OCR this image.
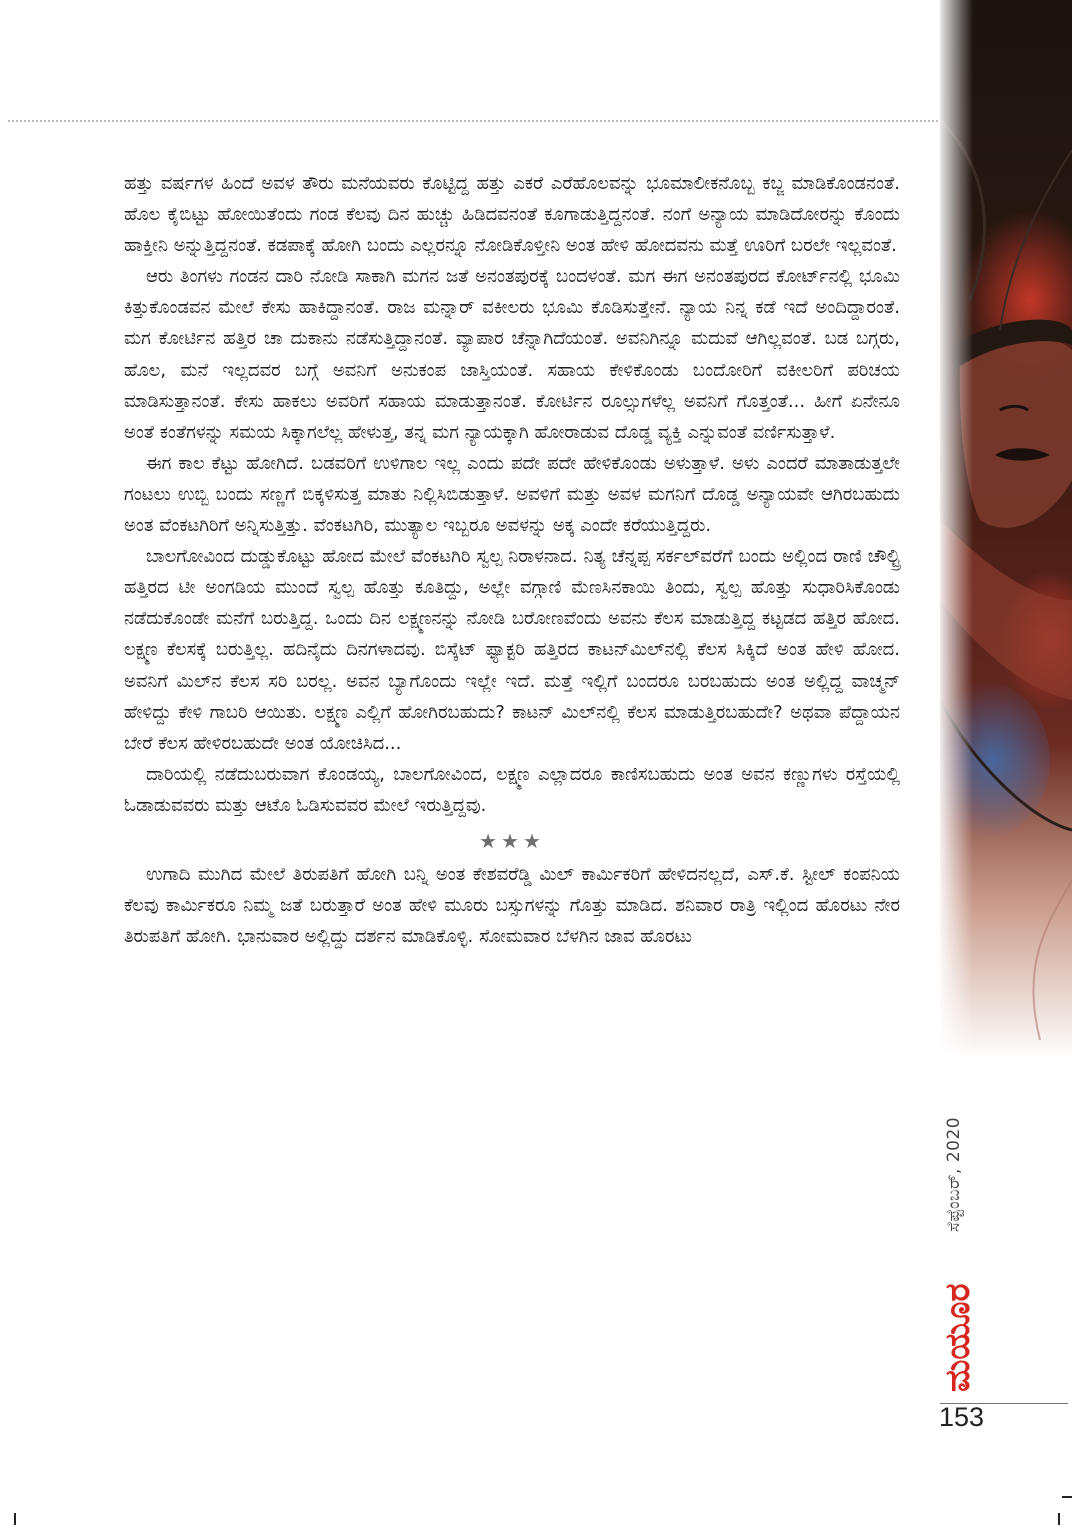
ಹತ್ತು ವರ್ಷಗಳ ಹಿಂದೆ ಅವಳ ತೌರು ಮನೆಯವರು ಕೊಟ್ಟಿದ್ದ ಹತ್ತು ಎಕರೆ ಎರೆಹೊಲವನ್ನು ಭೂಮಾಲೀಕನೊಬ್ಬ ಕಬ್ಜ ಮಾಡಿಕೊಂಡನಂತೆ. ಹೊಲ ಕೈಬಿಟ್ಟು ಹೋಯಿತೆಂದು ಗಂಡ ಕೆಲವು ದಿನ ಹುಚ್ಚು ಹಿಡಿದವನಂತೆ ಕೂಗಾಡುತ್ತಿದ್ದನಂತೆ. ನಂಗೆ ಅನ್ಯಾಯ ಮಾಡಿದೋರನ್ನು ಕೊಂದು ಹಾಕ್ತೀನಿ ಅನ್ನುತ್ತಿದ್ದನಂತೆ. ಕಡಪಾಕ್ಕೆ ಹೋಗಿ ಬಂದು ಎಲ್ಲರನ್ನೂ ನೋಡಿಕೊಳ್ತೀನಿ ಅಂತ ಹೇಳಿ ಹೋದವನು ಮತ್ತೆ ಊರಿಗೆ ಬರಲೇ ಇಲ್ಲವಂತೆ.

ಆರು ತಿಂಗಳು ಗಂಡನ ದಾರಿ ನೋಡಿ ಸಾಕಾಗಿ ಮಗನ ಜತೆ ಅನಂತಪುರಕ್ಕೆ ಬಂದಳಂತೆ. ಮಗ ಈಗ ಅನಂತಪುರದ ಕೋರ್ಟ್‌ನಲ್ಲಿ ಭೂಮಿ ಕಿತ್ತುಕೊಂಡವನ ಮೇಲೆ ಕೇಸು ಹಾಕಿದ್ದಾನಂತೆ. ರಾಜ ಮನ್ನಾರ್ ವಕೀಲರು ಭೂಮಿ ಕೊಡಿಸುತ್ತೇನೆ. ನ್ಯಾಯ ನಿನ್ನ ಕಡೆ ಇದೆ ಅಂದಿದ್ದಾರಂತೆ. ಮಗ ಕೋರ್ಟಿನ ಹತ್ತಿರ ಚಾ ದುಕಾನು ನಡೆಸುತ್ತಿದ್ದಾನಂತೆ. ವ್ಯಾಪಾರ ಚೆನ್ನಾಗಿದೆಯಂತೆ. ಅವನಿಗಿನ್ನೂ ಮದುವೆ ಆಗಿಲ್ಲವಂತೆ. ಬಡ ಬಗ್ಗರು, ಹೊಲ, ಮನೆ ಇಲ್ಲದವರ ಬಗ್ಗೆ ಅವನಿಗೆ ಅನುಕಂಪ ಜಾಸ್ತಿಯಂತೆ. ಸಹಾಯ ಕೇಳಿಕೊಂಡು ಬಂದೋರಿಗೆ ವಕೀಲರಿಗೆ ಪರಿಚಯ ಮಾಡಿಸುತ್ತಾನಂತೆ. ಕೇಸು ಹಾಕಲು ಅವರಿಗೆ ಸಹಾಯ ಮಾಡುತ್ತಾನಂತೆ. ಕೋರ್ಟಿನ ರೂಲ್ಸುಗಳೆಲ್ಲ ಅವನಿಗೆ ಗೊತ್ತಂತೆ... ಹೀಗೆ ಏನೇನೂ ಅಂತೆ ಕಂತೆಗಳನ್ನು ಸಮಯ ಸಿಕ್ಕಾಗಲೆಲ್ಲ ಹೇಳುತ್ತ, ತನ್ನ ಮಗ ನ್ಯಾಯಕ್ಕಾಗಿ ಹೋರಾಡುವ ದೊಡ್ಡ ವ್ಯಕ್ತಿ ಎನ್ನುವಂತೆ ವರ್ಣಿಸುತ್ತಾಳೆ.

ಈಗ ಕಾಲ ಕೆಟ್ಟು ಹೋಗಿದೆ. ಬಡವರಿಗೆ ಉಳಿಗಾಲ ಇಲ್ಲ ಎಂದು ಪದೇ ಪದೇ ಹೇಳಿಕೊಂಡು ಅಳುತ್ತಾಳೆ. ಅಳು ಎಂದರೆ ಮಾತಾಡುತ್ತಲೇ ಗಂಟಲು ಉಬ್ಬಿ ಬಂದು ಸಣ್ಣಗೆ ಬಿಕ್ಕಳಿಸುತ್ತ ಮಾತು ನಿಲ್ಲಿಸಿಬಿಡುತ್ತಾಳೆ. ಅವಳಿಗೆ ಮತ್ತು ಅವಳ ಮಗನಿಗೆ ದೊಡ್ಡ ಅನ್ಯಾಯವೇ ಆಗಿರಬಹುದು ಅಂತ ವೆಂಕಟಗಿರಿಗೆ ಅನ್ನಿಸುತ್ತಿತ್ತು. ವೆಂಕಟಗಿರಿ, ಮುತ್ಯಾಲ ಇಬ್ಬರೂ ಅವಳನ್ನು ಅಕ್ಕ ಎಂದೇ ಕರೆಯುತ್ತಿದ್ದರು.

ಬಾಲಗೋವಿಂದ ದುಡ್ಡುಕೊಟ್ಟು ಹೋದ ಮೇಲೆ ವೆಂಕಟಗಿರಿ ಸ್ವಲ್ಪ ನಿರಾಳನಾದ. ನಿತ್ಯ ಚೆನ್ನಪ್ಪ ಸರ್ಕಲ್‌ವರೆಗೆ ಬಂದು ಅಲ್ಲಿಂದ ರಾಣಿ ಚೌಲ್ಟ್ರಿ ಹತ್ತಿರದ ಟೀ ಅಂಗಡಿಯ ಮುಂದೆ ಸ್ವಲ್ಪ ಹೊತ್ತು ಕೂತಿದ್ದು, ಅಲ್ಲೇ ವಗ್ಗಾಣಿ ಮೆಣಸಿನಕಾಯಿ ತಿಂದು, ಸ್ವಲ್ಪ ಹೊತ್ತು ಸುಧಾರಿಸಿಕೊಂಡು ನಡೆದುಕೊಂಡೇ ಮನೆಗೆ ಬರುತ್ತಿದ್ದ. ಒಂದು ದಿನ ಲಕ್ಷ್ಮಣನನ್ನು ನೋಡಿ ಬರೋಣವೆಂದು ಅವನು ಕೆಲಸ ಮಾಡುತ್ತಿದ್ದ ಕಟ್ಟಡದ ಹತ್ತಿರ ಹೋದ. ಲಕ್ಷ್ಮಣ ಕೆಲಸಕ್ಕೆ ಬರುತ್ತಿಲ್ಲ. ಹದಿನೈದು ದಿನಗಳಾದವು. ಬಿಸ್ಕೆಟ್ ಫ್ಯಾಕ್ಟರಿ ಹತ್ತಿರದ ಕಾಟನ್‌ಮಿಲ್‌ನಲ್ಲಿ ಕೆಲಸ ಸಿಕ್ಕಿದೆ ಅಂತ ಹೇಳಿ ಹೋದ. ಅವನಿಗೆ ಮಿಲ್‌ನ ಕೆಲಸ ಸರಿ ಬರಲ್ಲ. ಅವನ ಬ್ಯಾಗೊಂದು ಇಲ್ಲೇ ಇದೆ. ಮತ್ತೆ ಇಲ್ಲಿಗೆ ಬಂದರೂ ಬರಬಹುದು ಅಂತ ಅಲ್ಲಿದ್ದ ವಾಚ್ಮನ್ ಹೇಳಿದ್ದು ಕೇಳಿ ಗಾಬರಿ ಆಯಿತು. ಲಕ್ಷ್ಮಣ ಎಲ್ಲಿಗೆ ಹೋಗಿರಬಹುದು? ಕಾಟನ್ ಮಿಲ್‌ನಲ್ಲಿ ಕೆಲಸ ಮಾಡುತ್ತಿರಬಹುದೇ? ಅಥವಾ ಪೆದ್ದಾಯನ ಬೇರೆ ಕೆಲಸ ಹೇಳಿರಬಹುದೇ ಅಂತ ಯೋಚಿಸಿದ...

ದಾರಿಯಲ್ಲಿ ನಡೆದುಬರುವಾಗ ಕೊಂಡಯ್ಯ, ಬಾಲಗೋವಿಂದ, ಲಕ್ಷ್ಮಣ ಎಲ್ಲಾದರೂ ಕಾಣಿಸಬಹುದು ಅಂತ ಅವನ ಕಣ್ಣುಗಳು ರಸ್ತೆಯಲ್ಲಿ ಓಡಾಡುವವರು ಮತ್ತು ಆಟೊ ಓಡಿಸುವವರ ಮೇಲೆ ಇರುತ್ತಿದ್ದವು.

★★★

ಉಗಾದಿ ಮುಗಿದ ಮೇಲೆ ತಿರುಪತಿಗೆ ಹೋಗಿ ಬನ್ನಿ ಅಂತ ಕೇಶವರೆಡ್ಡಿ ಮಿಲ್ ಕಾರ್ಮಿಕರಿಗೆ ಹೇಳಿದನಲ್ಲದೆ, ಎಸ್.ಕೆ. ಸ್ಟೀಲ್ ಕಂಪನಿಯ ಕೆಲವು ಕಾರ್ಮಿಕರೂ ನಿಮ್ಮ ಜತೆ ಬರುತ್ತಾರೆ ಅಂತ ಹೇಳಿ ಮೂರು ಬಸ್ಸುಗಳನ್ನು ಗೊತ್ತು ಮಾಡಿದ. ಶನಿವಾರ ರಾತ್ರಿ ಇಲ್ಲಿಂದ ಹೊರಟು ನೇರ ತಿರುಪತಿಗೆ ಹೋಗಿ. ಭಾನುವಾರ ಅಲ್ಲಿದ್ದು ದರ್ಶನ ಮಾಡಿಕೊಳ್ಳಿ. ಸೋಮವಾರ ಬೆಳಗಿನ ಜಾವ ಹೊರಟು

ಸೆಪ್ಟೆಂಬರ್, 2020
ಮಯೂರ
153
